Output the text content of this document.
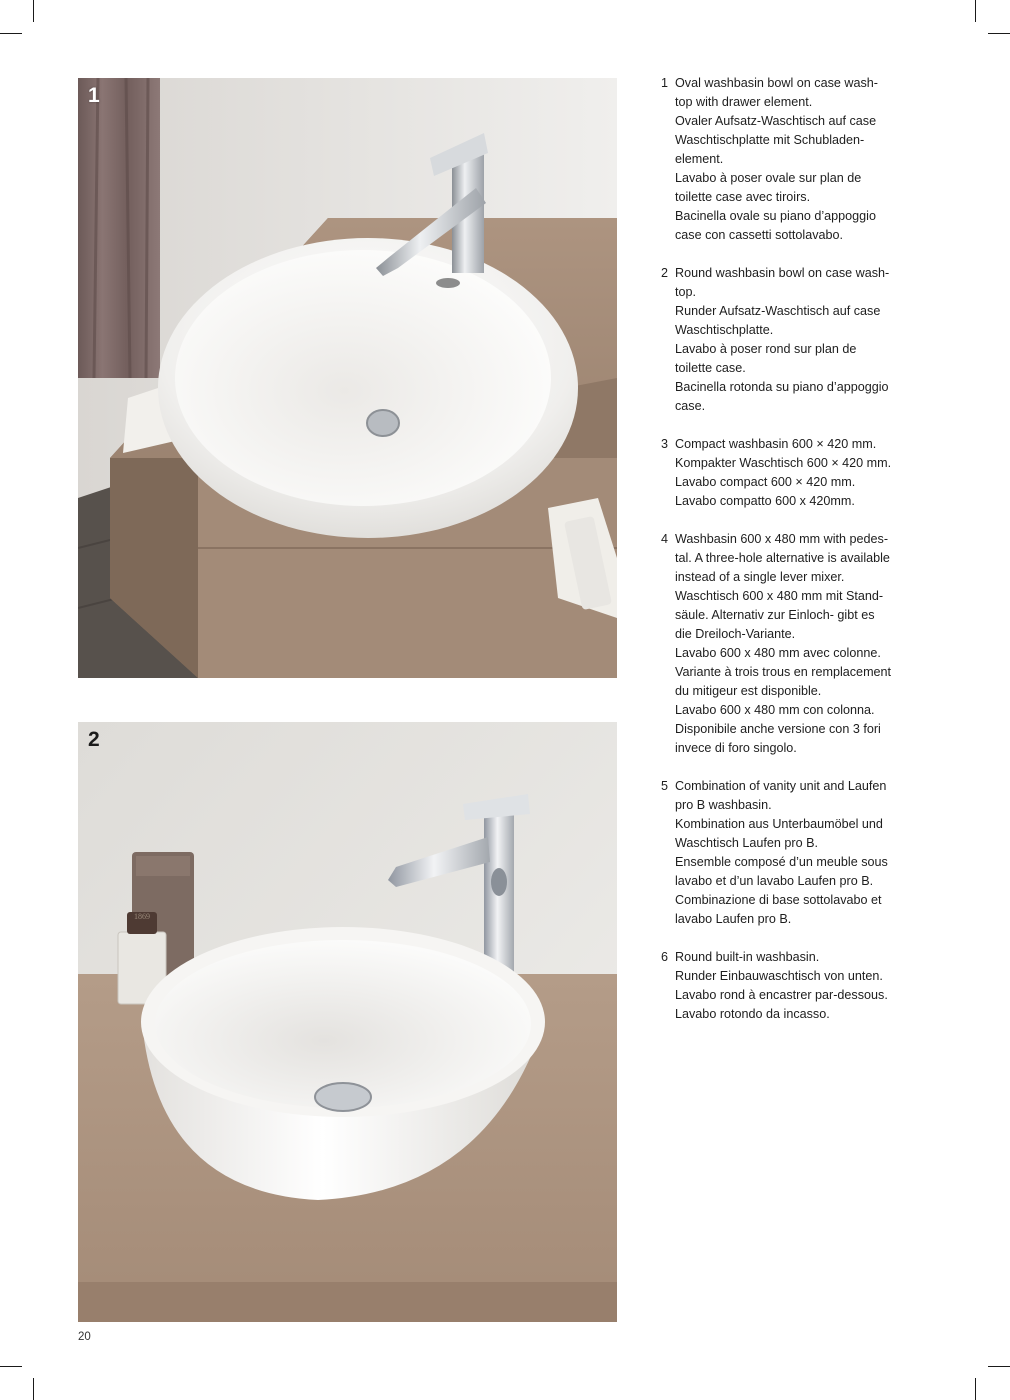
1
1869
2
1 Oval washbasin bowl on case wash-
top with drawer element.
Ovaler Aufsatz-Waschtisch auf case
Waschtischplatte mit Schubladen-
element.
Lavabo à poser ovale sur plan de
toilette case avec tiroirs.
Bacinella ovale su piano d’appoggio
case con cassetti sottolavabo.
2 Round washbasin bowl on case wash-
top.
Runder Aufsatz-Waschtisch auf case
Waschtischplatte.
Lavabo à poser rond sur plan de
toilette case.
Bacinella rotonda su piano d’appoggio
case.
3 Compact washbasin 600 × 420 mm.
Kompakter Waschtisch 600 × 420 mm.
Lavabo compact 600 × 420 mm.
Lavabo compatto 600 x 420mm.
4 Washbasin 600 x 480 mm with pedes-
tal. A three-hole alternative is available
instead of a single lever mixer.
Waschtisch 600 x 480 mm mit Stand-
säule. Alternativ zur Einloch- gibt es
die Dreiloch-Variante.
Lavabo 600 x 480 mm avec colonne.
Variante à trois trous en remplacement
du mitigeur est disponible.
Lavabo 600 x 480 mm con colonna.
Disponibile anche versione con 3 fori
invece di foro singolo.
5 Combination of vanity unit and Laufen
pro B washbasin.
Kombination aus Unterbaumöbel und
Waschtisch Laufen pro B.
Ensemble composé d’un meuble sous
lavabo et d’un lavabo Laufen pro B.
Combinazione di base sottolavabo et
lavabo Laufen pro B.
6 Round built-in washbasin.
Runder Einbauwaschtisch von unten.
Lavabo rond à encastrer par-dessous.
Lavabo rotondo da incasso.
20
